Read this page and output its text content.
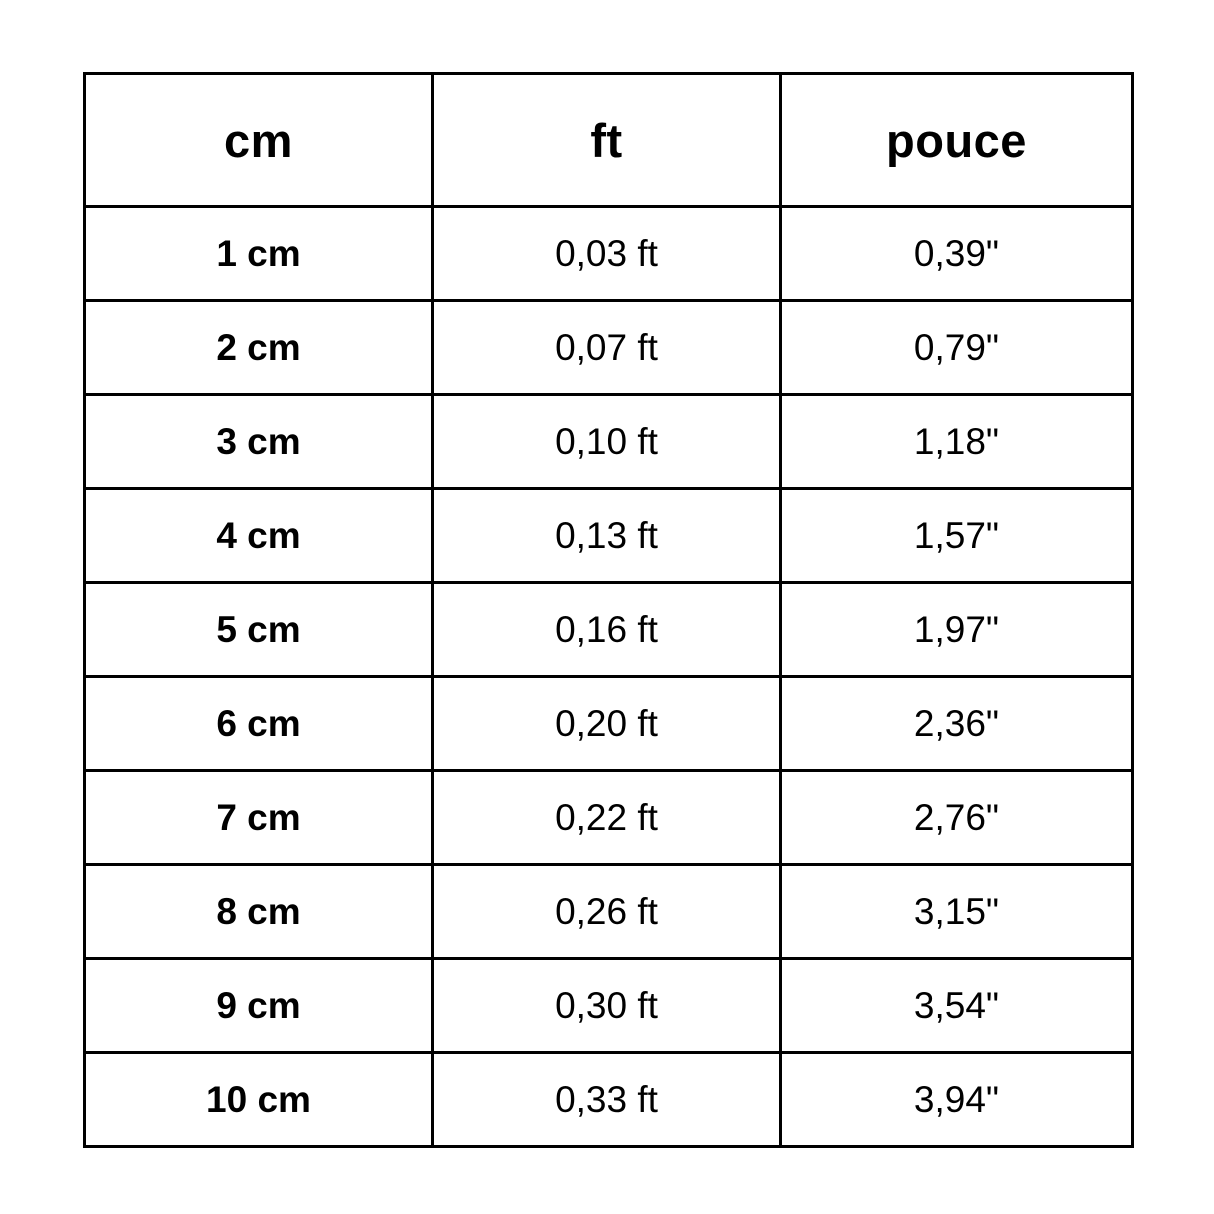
cm	ft	pouce
1 cm	0,03 ft	0,39"
2 cm	0,07 ft	0,79"
3 cm	0,10 ft	1,18"
4 cm	0,13 ft	1,57"
5 cm	0,16 ft	1,97"
6 cm	0,20 ft	2,36"
7 cm	0,22 ft	2,76"
8 cm	0,26 ft	3,15"
9 cm	0,30 ft	3,54"
10 cm	0,33 ft	3,94"
